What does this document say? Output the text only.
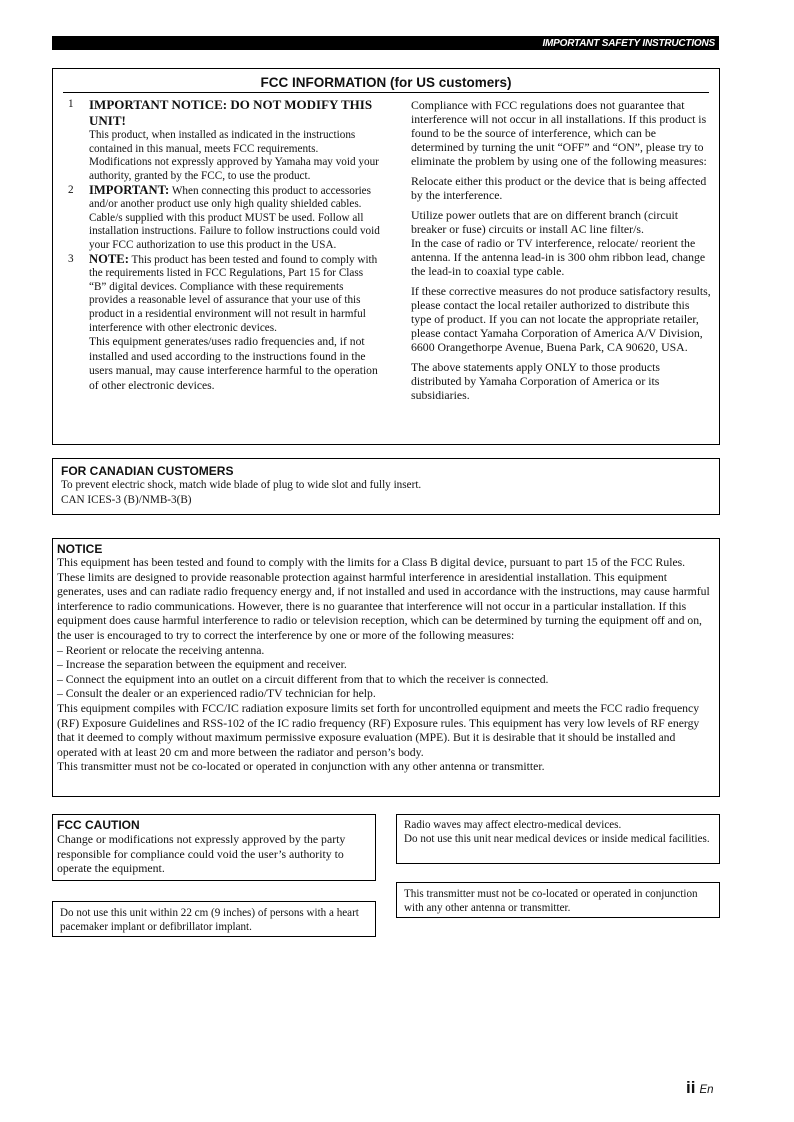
IMPORTANT SAFETY INSTRUCTIONS
FCC INFORMATION (for US customers)
1	IMPORTANT NOTICE: DO NOT MODIFY THIS UNIT!
This product, when installed as indicated in the instructions contained in this manual, meets FCC requirements. Modifications not expressly approved by Yamaha may void your authority, granted by the FCC, to use the product.
2	IMPORTANT: When connecting this product to accessories and/or another product use only high quality shielded cables. Cable/s supplied with this product MUST be used. Follow all installation instructions. Failure to follow instructions could void your FCC authorization to use this product in the USA.
3	NOTE: This product has been tested and found to comply with the requirements listed in FCC Regulations, Part 15 for Class “B” digital devices. Compliance with these requirements provides a reasonable level of assurance that your use of this product in a residential environment will not result in harmful interference with other electronic devices.
This equipment generates/uses radio frequencies and, if not installed and used according to the instructions found in the users manual, may cause interference harmful to the operation of other electronic devices.

Compliance with FCC regulations does not guarantee that interference will not occur in all installations. If this product is found to be the source of interference, which can be determined by turning the unit “OFF” and “ON”, please try to eliminate the problem by using one of the following measures:

Relocate either this product or the device that is being affected by the interference.

Utilize power outlets that are on different branch (circuit breaker or fuse) circuits or install AC line filter/s.

In the case of radio or TV interference, relocate/ reorient the antenna. If the antenna lead-in is 300 ohm ribbon lead, change the lead-in to coaxial type cable.

If these corrective measures do not produce satisfactory results, please contact the local retailer authorized to distribute this type of product. If you can not locate the appropriate retailer, please contact Yamaha Corporation of America A/V Division, 6600 Orangethorpe Avenue, Buena Park, CA 90620, USA.

The above statements apply ONLY to those products distributed by Yamaha Corporation of America or its subsidiaries.

FOR CANADIAN CUSTOMERS
To prevent electric shock, match wide blade of plug to wide slot and fully insert.
CAN ICES-3 (B)/NMB-3(B)
NOTICE
This equipment has been tested and found to comply with the limits for a Class B digital device, pursuant to part 15 of the FCC Rules. These limits are designed to provide reasonable protection against harmful interference in aresidential installation. This equipment generates, uses and can radiate radio frequency energy and, if not installed and used in accordance with the instructions, may cause harmful interference to radio communications. However, there is no guarantee that interference will not occur in a particular installation. If this equipment does cause harmful interference to radio or television reception, which can be determined by turning the equipment off and on, the user is encouraged to try to correct the interference by one or more of the following measures:
– Reorient or relocate the receiving antenna.
– Increase the separation between the equipment and receiver.
– Connect the equipment into an outlet on a circuit different from that to which the receiver is connected.
– Consult the dealer or an experienced radio/TV technician for help.
This equipment compiles with FCC/IC radiation exposure limits set forth for uncontrolled equipment and meets the FCC radio frequency (RF) Exposure Guidelines and RSS-102 of the IC radio frequency (RF) Exposure rules. This equipment has very low levels of RF energy that it deemed to comply without maximum permissive exposure evaluation (MPE). But it is desirable that it should be installed and operated with at least 20 cm and more between the radiator and person’s body.
This transmitter must not be co-located or operated in conjunction with any other antenna or transmitter.
FCC CAUTION
Change or modifications not expressly approved by the party responsible for compliance could void the user’s authority to operate the equipment.
Do not use this unit within 22 cm (9 inches) of persons with a heart pacemaker implant or defibrillator implant.
Radio waves may affect electro-medical devices.
Do not use this unit near medical devices or inside medical facilities.
This transmitter must not be co-located or operated in conjunction with any other antenna or transmitter.
ii En
